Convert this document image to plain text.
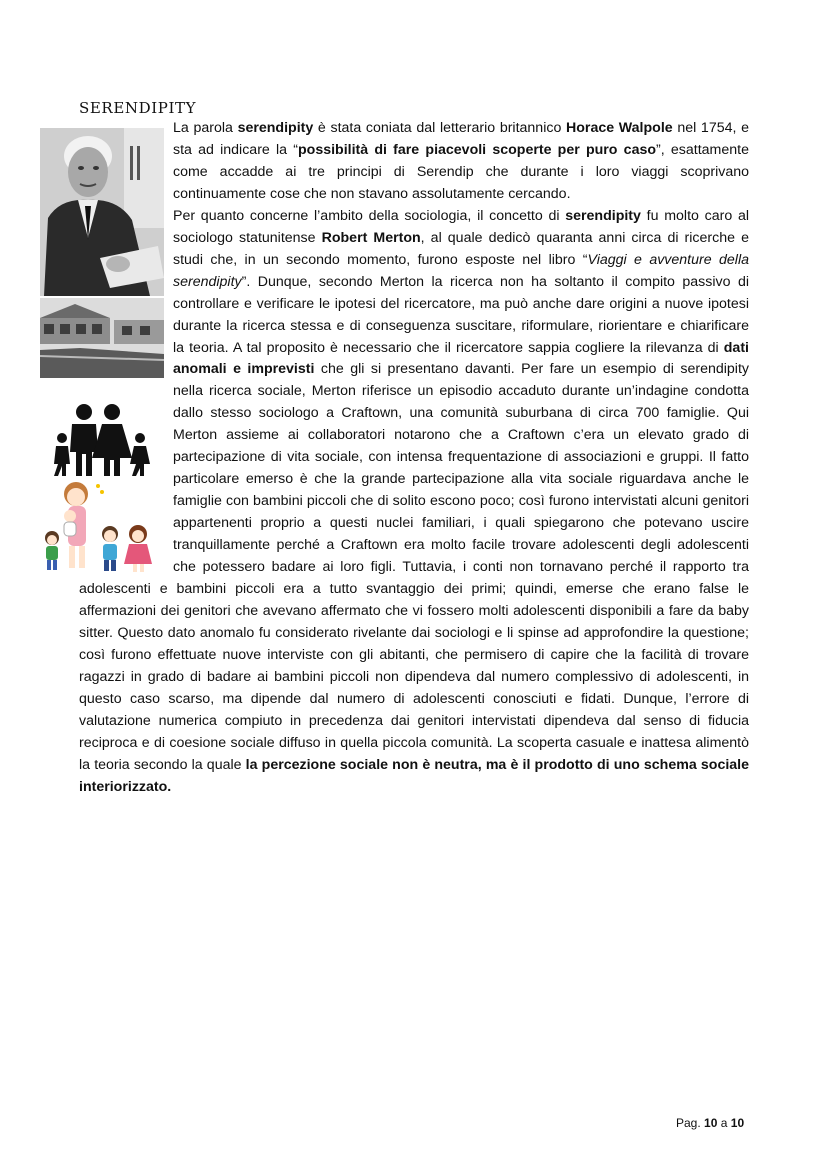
SERENDIPITY

La parola serendipity è stata coniata dal letterario britannico Horace Walpole nel 1754, e sta ad indicare la “possibilità di fare piacevoli scoperte per puro caso”, esattamente come accadde ai tre principi di Serendip che durante i loro viaggi scoprivano continuamente cose che non stavano assolutamente cercando.

Per quanto concerne l’ambito della sociologia, il concetto di serendipity fu molto caro al sociologo statunitense Robert Merton, al quale dedicò quaranta anni circa di ricerche e studi che, in un secondo momento, furono esposte nel libro “Viaggi e avventure della serendipity”. Dunque, secondo Merton la ricerca non ha soltanto il compito passivo di controllare e verificare le ipotesi del ricercatore, ma può anche dare origini a nuove ipotesi durante la ricerca stessa e di conseguenza suscitare, riformulare, riorientare e chiarificare la teoria. A tal proposito è necessario che il ricercatore sappia cogliere la rilevanza di dati anomali e imprevisti che gli si presentano davanti. Per fare un esempio di serendipity nella ricerca sociale, Merton riferisce un episodio accaduto durante un’indagine condotta dallo stesso sociologo a Craftown, una comunità suburbana di circa 700 famiglie. Qui Merton assieme ai collaboratori notarono che a Craftown c’era un elevato grado di partecipazione di vita sociale, con intensa frequentazione di associazioni e gruppi. Il fatto particolare emerso è che la grande partecipazione alla vita sociale riguardava anche le famiglie con bambini piccoli che di solito escono poco; così furono intervistati alcuni genitori appartenenti proprio a questi nuclei familiari, i quali spiegarono che potevano uscire tranquillamente perché a Craftown era molto facile trovare adolescenti degli adolescenti che potessero badare ai loro figli. Tuttavia, i conti non tornavano perché il rapporto tra adolescenti e bambini piccoli era a tutto svantaggio dei primi; quindi, emerse che erano false le affermazioni dei genitori che avevano affermato che vi fossero molti adolescenti disponibili a fare da baby sitter. Questo dato anomalo fu considerato rivelante dai sociologi e li spinse ad approfondire la questione; così furono effettuate nuove interviste con gli abitanti, che permisero di capire che la facilità di trovare ragazzi in grado di badare ai bambini piccoli non dipendeva dal numero complessivo di adolescenti, in questo caso scarso, ma dipende dal numero di adolescenti conosciuti e fidati. Dunque, l’errore di valutazione numerica compiuto in precedenza dai genitori intervistati dipendeva dal senso di fiducia reciproca e di coesione sociale diffuso in quella piccola comunità. La scoperta casuale e inattesa alimentò la teoria secondo la quale la percezione sociale non è neutra, ma è il prodotto di uno schema sociale interiorizzato.

Pag. 10 a 10
